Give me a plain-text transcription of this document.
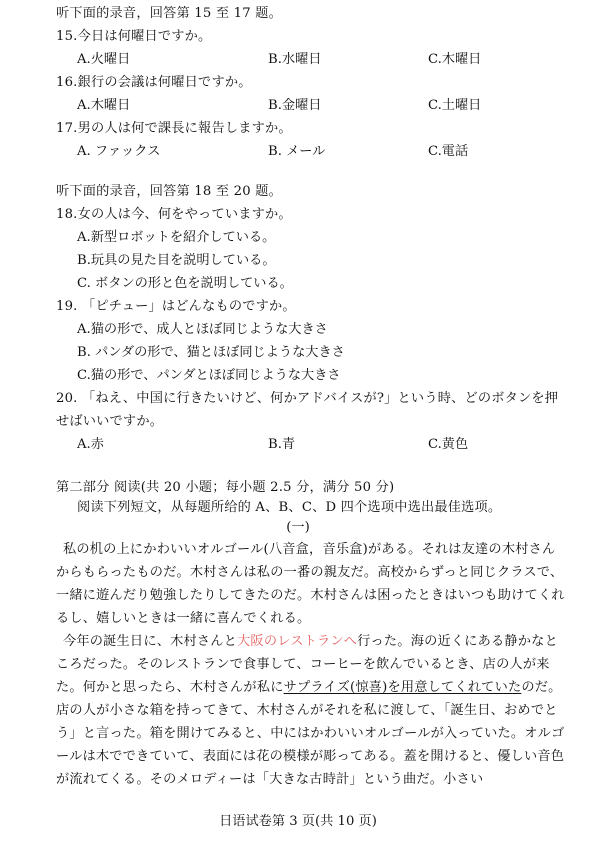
听下面的录音，回答第 15 至 17 题。
15.今日は何曜日ですか。
A.火曜日	B.水曜日	C.木曜日
16.銀行の会議は何曜日ですか。
A.木曜日	B.金曜日	C.土曜日
17.男の人は何で課長に報告しますか。
A. ファックス	B. メール	C.電話
听下面的录音，回答第 18 至 20 题。
18.女の人は今、何をやっていますか。
A.新型ロボットを紹介している。
B.玩具の見た目を説明している。
C. ボタンの形と色を説明している。
19. 「ピチュー」はどんなものですか。
A.猫の形で、成人とほぼ同じような大きさ
B. パンダの形で、猫とほぼ同じような大きさ
C.猫の形で、パンダとほぼ同じような大きさ
20. 「ねえ、中国に行きたいけど、何かアドバイスが?」という時、どのボタンを押
せばいいですか。
A.赤	B.青	C.黄色
第二部分 阅读(共 20 小题；每小题 2.5 分，满分 50 分)
阅读下列短文，从每题所给的 A、B、C、D 四个选项中选出最佳选项。
(一)
私の机の上にかわいいオルゴール(八音盒，音乐盒)がある。それは友達の木村さん
からもらったものだ。木村さんは私の一番の親友だ。高校からずっと同じクラスで、
一緒に遊んだり勉強したりしてきたのだ。木村さんは困ったときはいつも助けてくれ
るし、嬉しいときは一緒に喜んでくれる。
今年の誕生日に、木村さんと大阪のレストランへ行った。海の近くにある静かなと
ころだった。そのレストランで食事して、コーヒーを飲んでいるとき、店の人が来
た。何かと思ったら、木村さんが私にサプライズ(惊喜)を用意してくれていたのだ。
店の人が小さな箱を持ってきて、木村さんがそれを私に渡して、「誕生日、おめでと
う」と言った。箱を開けてみると、中にはかわいいオルゴールが入っていた。オルゴ
ールは木でできていて、表面には花の模様が彫ってある。蓋を開けると、優しい音色
が流れてくる。そのメロディーは「大きな古時計」という曲だ。小さい
日语试卷第 3 页(共 10 页)
